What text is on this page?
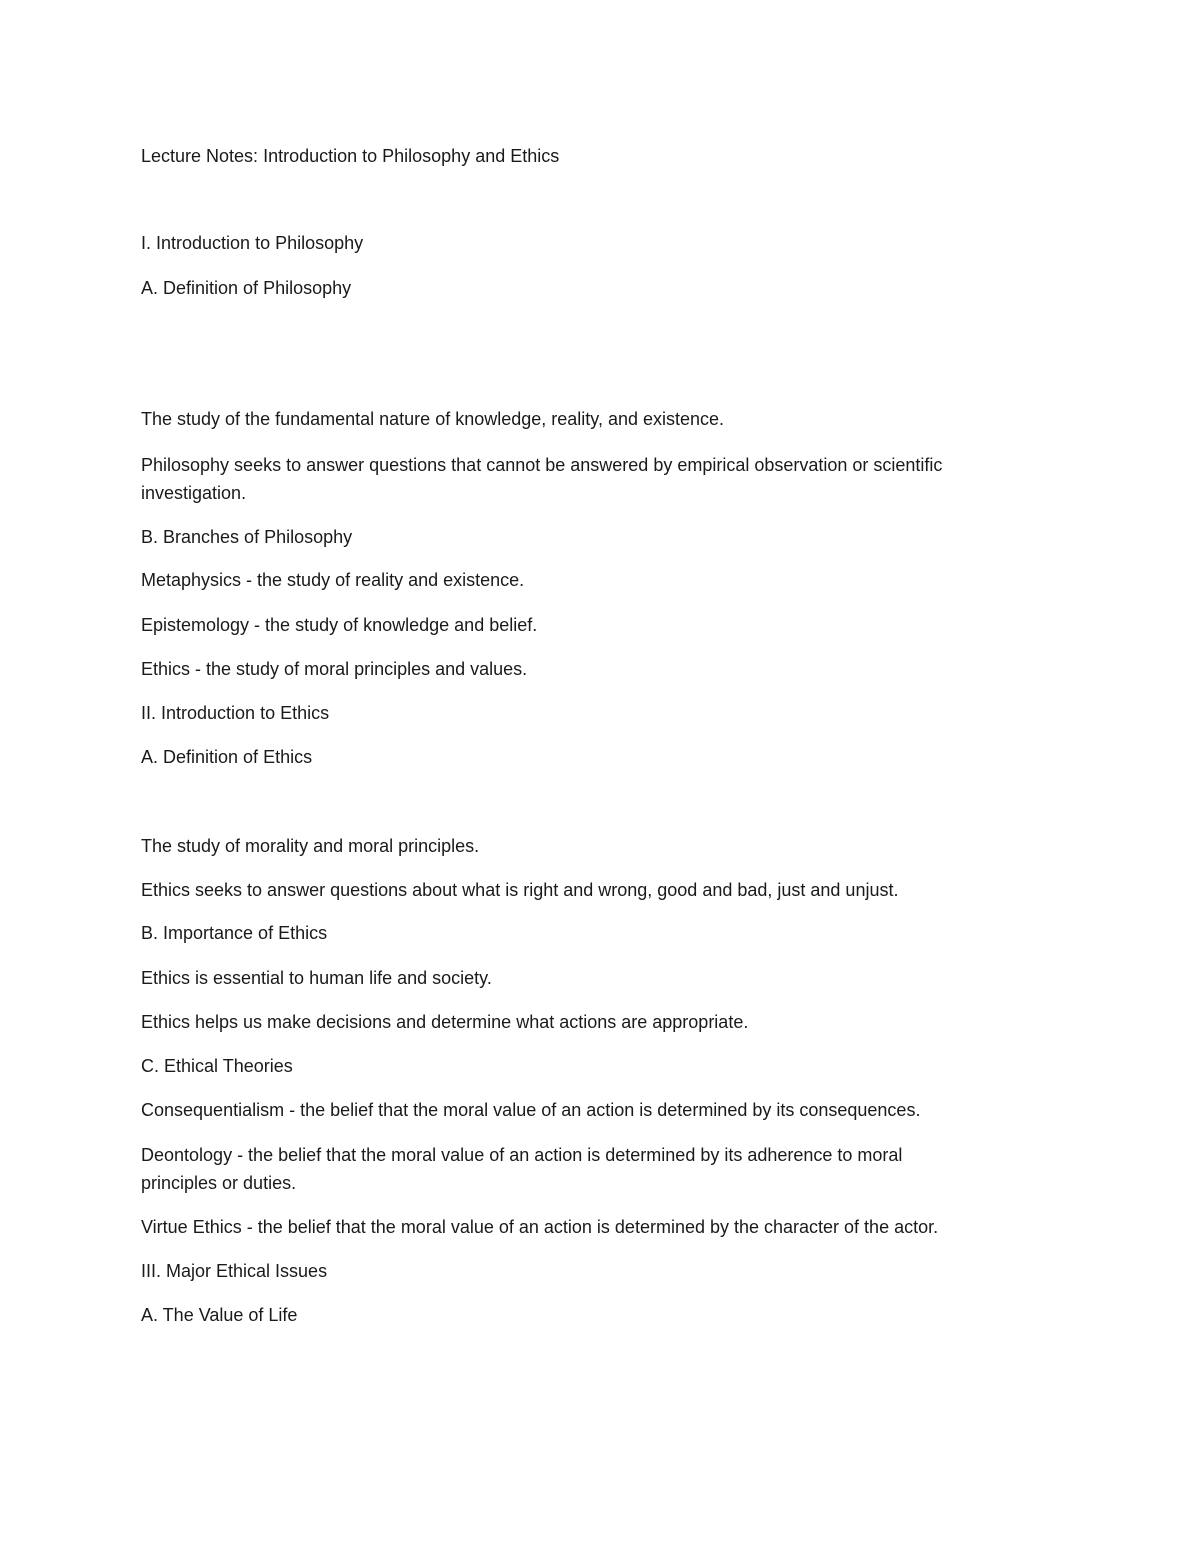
Lecture Notes: Introduction to Philosophy and Ethics

I. Introduction to Philosophy

A. Definition of Philosophy

The study of the fundamental nature of knowledge, reality, and existence.

Philosophy seeks to answer questions that cannot be answered by empirical observation or scientific

investigation.

B. Branches of Philosophy

Metaphysics - the study of reality and existence.

Epistemology - the study of knowledge and belief.

Ethics - the study of moral principles and values.

II. Introduction to Ethics

A. Definition of Ethics

The study of morality and moral principles.

Ethics seeks to answer questions about what is right and wrong, good and bad, just and unjust.

B. Importance of Ethics

Ethics is essential to human life and society.

Ethics helps us make decisions and determine what actions are appropriate.

C. Ethical Theories

Consequentialism - the belief that the moral value of an action is determined by its consequences.

Deontology - the belief that the moral value of an action is determined by its adherence to moral

principles or duties.

Virtue Ethics - the belief that the moral value of an action is determined by the character of the actor.

III. Major Ethical Issues

A. The Value of Life
